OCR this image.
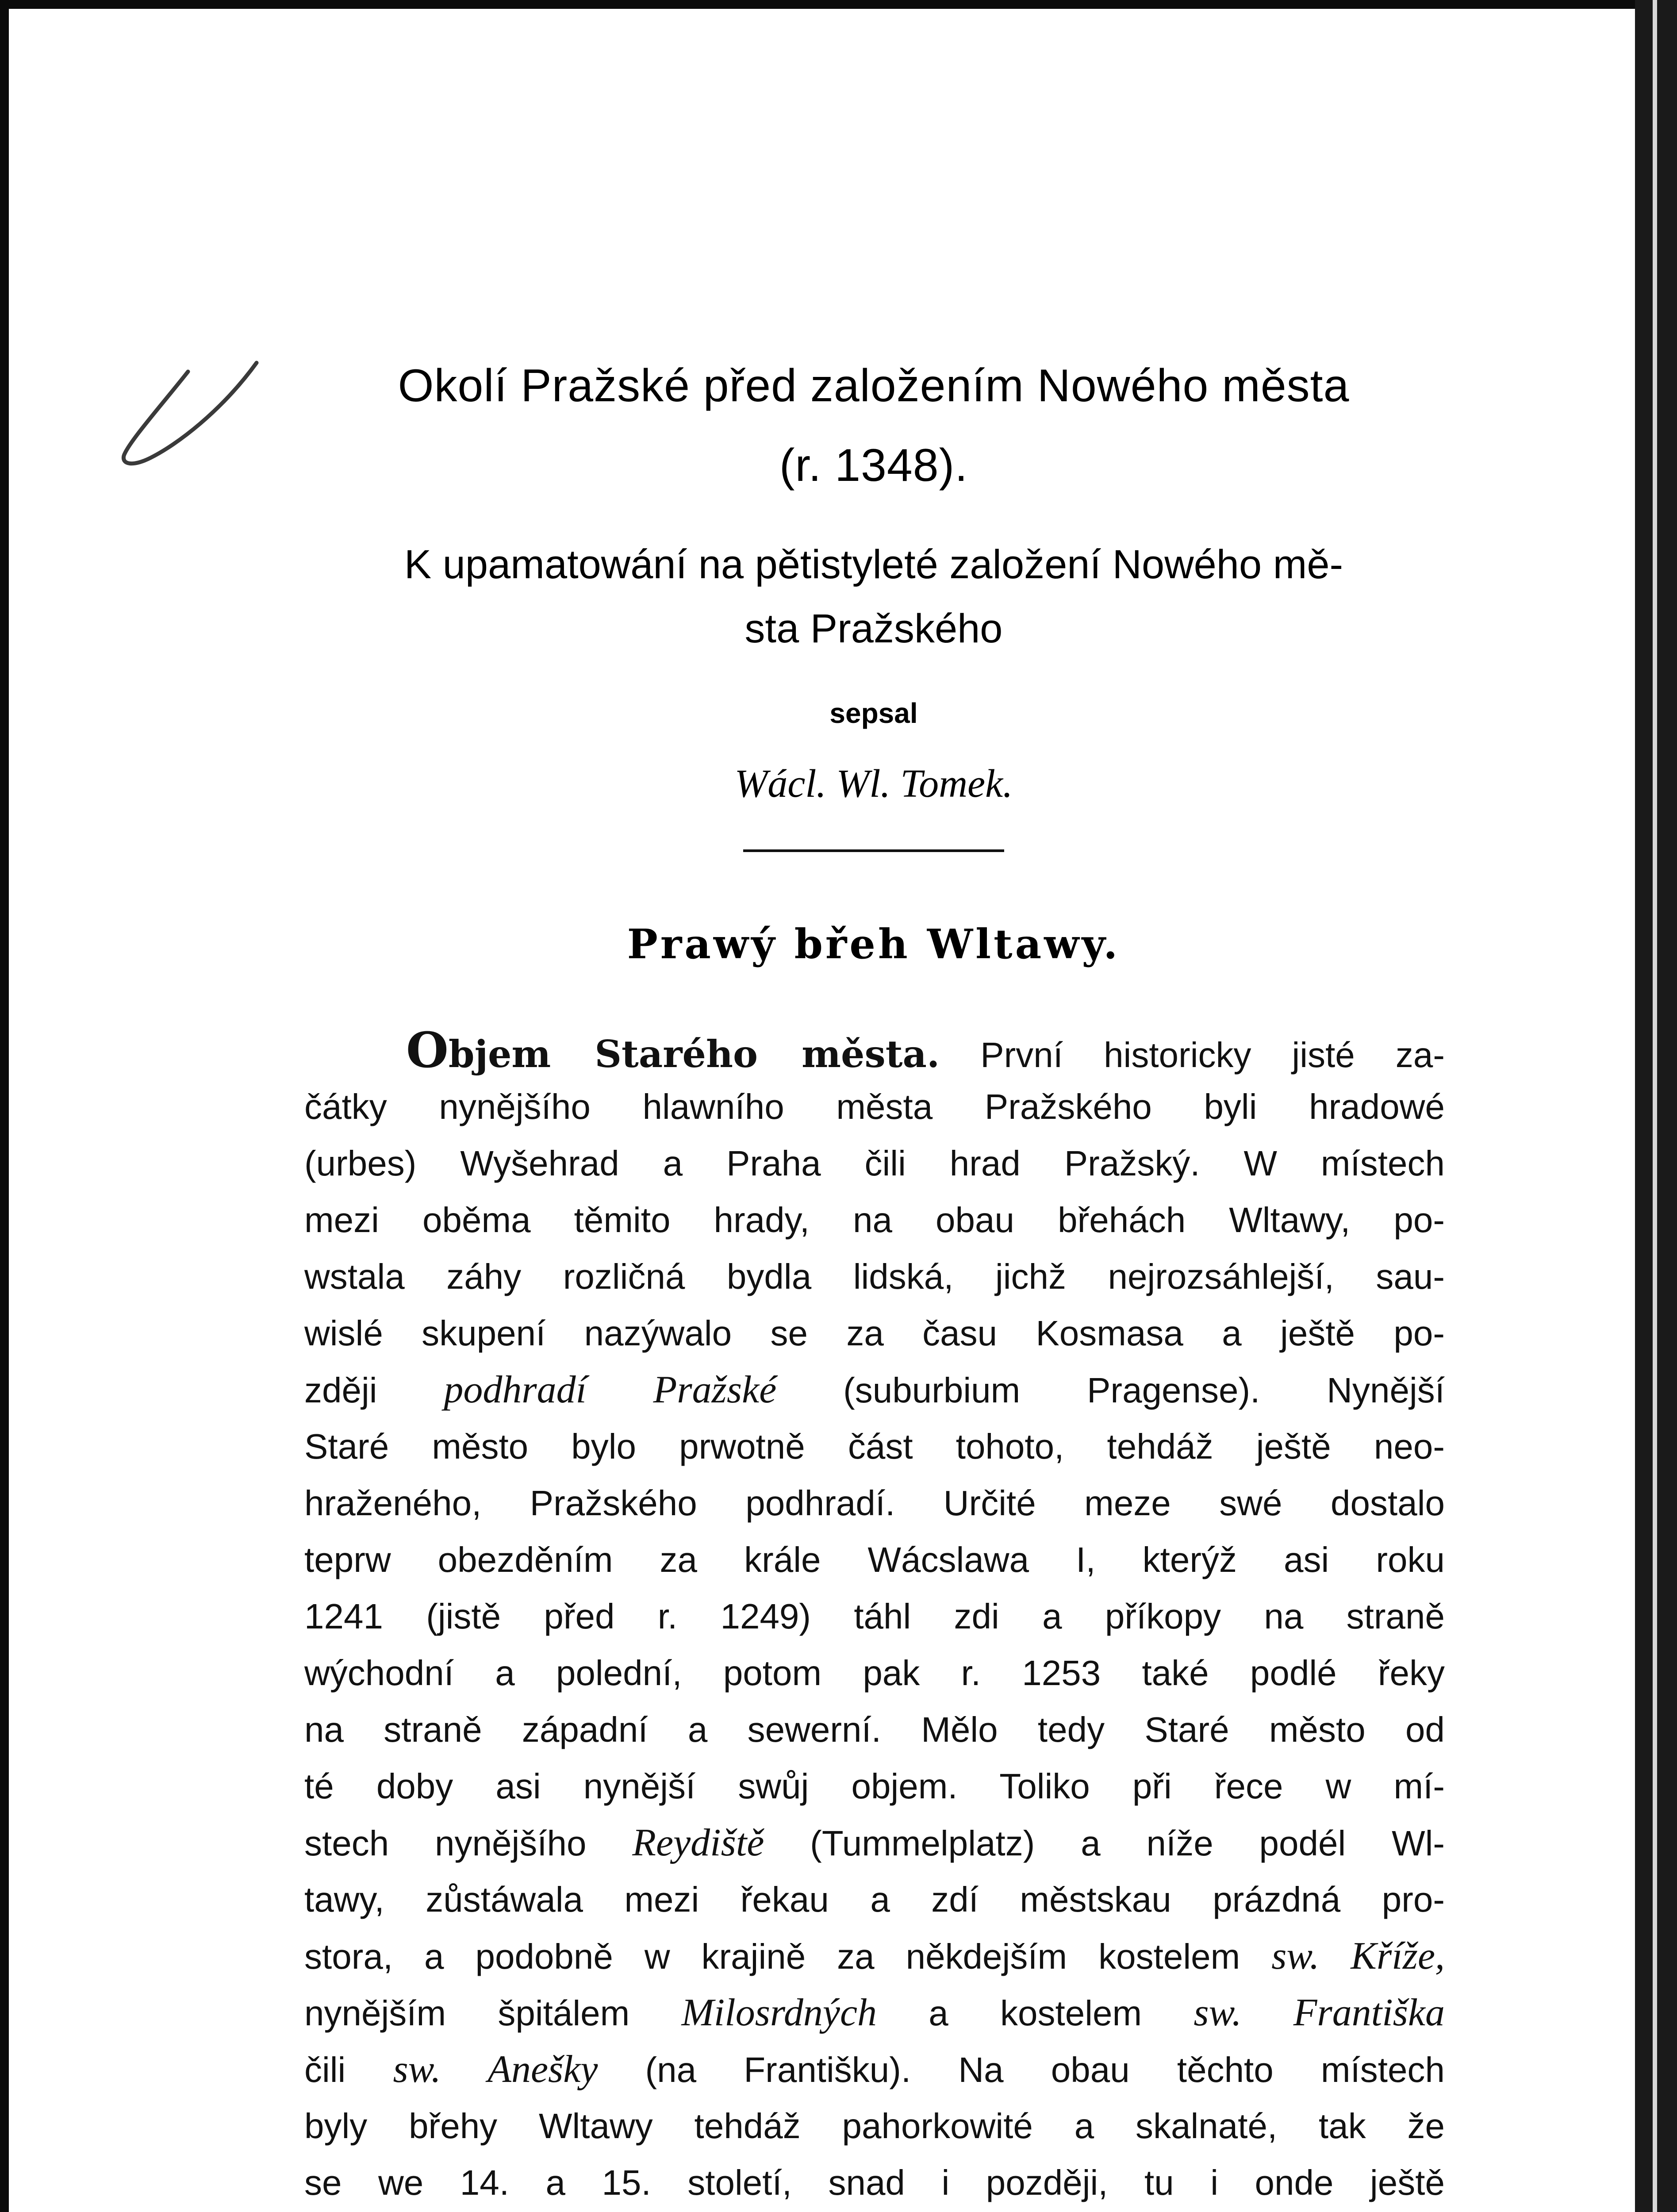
Okolí Pražské před založením Nowého města
(r. 1348).
K upamatowání na pětistyleté založení Nowého mě-
sta Pražského
sepsal
Wácl. Wl. Tomek.
Prawý břeh Wltawy.
Objem Starého města. První historicky jisté za-
čátky nynějšího hlawního města Pražského byli hradowé
(urbes) Wyšehrad a Praha čili hrad Pražský. W místech
mezi oběma těmito hrady, na obau břehách Wltawy, po-
wstala záhy rozličná bydla lidská, jichž nejrozsáhlejší, sau-
wislé skupení nazýwalo se za času Kosmasa a ještě po-
zději podhradí Pražské (suburbium Pragense). Nynější
Staré město bylo prwotně část tohoto, tehdáž ještě neo-
hraženého, Pražského podhradí. Určité meze swé dostalo
teprw obezděním za krále Wácslawa I, kterýž asi roku
1241 (jistě před r. 1249) táhl zdi a příkopy na straně
wýchodní a polední, potom pak r. 1253 také podlé řeky
na straně západní a sewerní. Mělo tedy Staré město od
té doby asi nynější swůj objem. Toliko při řece w mí-
stech nynějšího Reydiště (Tummelplatz) a níže podél Wl-
tawy, zůstáwala mezi řekau a zdí městskau prázdná pro-
stora, a podobně w krajině za někdejším kostelem sw. Kříže,
nynějším špitálem Milosrdných a kostelem sw. Františka
čili sw. Anešky (na Františku). Na obau těchto místech
byly břehy Wltawy tehdáž pahorkowité a skalnaté, tak že
se we 14. a 15. století, snad i později, tu i onde ještě
